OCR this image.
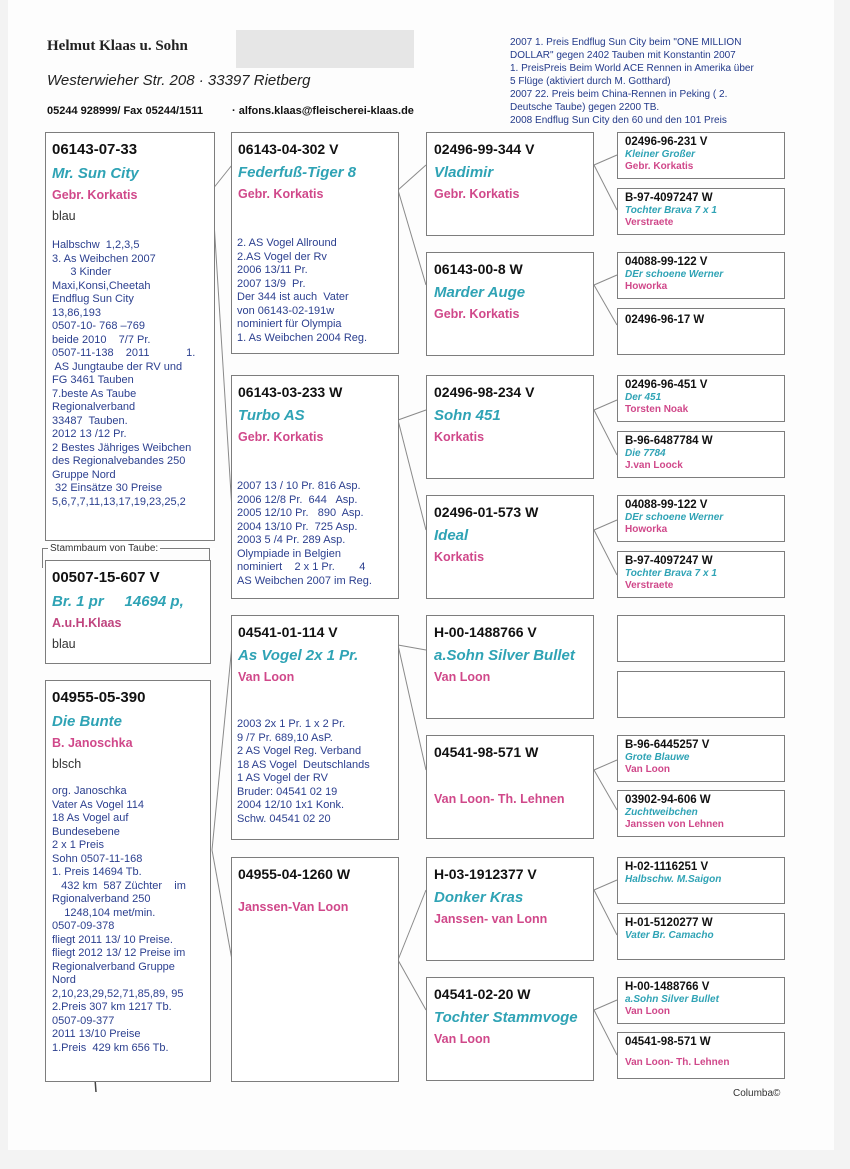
Helmut Klaas u. Sohn
Westerwieher Str. 208 · 33397 Rietberg
05244 928999/ Fax 05244/1511	· alfons.klaas@fleischerei-klaas.de
2007 1. Preis Endflug Sun City beim "ONE MILLION
DOLLAR" gegen 2402 Tauben mit Konstantin 2007
1. PreisPreis Beim World ACE Rennen in Amerika über
5 Flüge (aktiviert durch M. Gotthard)
2007 22. Preis beim China-Rennen in Peking ( 2.
Deutsche Taube) gegen 2200 TB.
2008 Endflug Sun City den 60 und den 101 Preis
06143-07-33
Mr. Sun City
Gebr. Korkatis
blau
Halbschw  1,2,3,5
3. As Weibchen 2007
3 Kinder
Maxi,Konsi,Cheetah
Endflug Sun City
13,86,193
0507-10- 768 –769
beide 2010    7/7 Pr.
0507-11-138    2011            1.
AS Jungtaube der RV und
FG 3461 Tauben
7.beste As Taube
Regionalverband
33487  Tauben.
2012 13 /12 Pr.
2 Bestes Jähriges Weibchen
des Regionalvebandes 250
Gruppe Nord
32 Einsätze 30 Preise
5,6,7,7,11,13,17,19,23,25,2
Stammbaum von Taube:
00507-15-607 V
Br. 1 pr     14694 p,
A.u.H.Klaas
blau
04955-05-390
Die Bunte
B. Janoschka
blsch
org. Janoschka
Vater As Vogel 114
18 As Vogel auf
Bundesebene
2 x 1 Preis
Sohn 0507-11-168
1. Preis 14694 Tb.
432 km  587 Züchter    im
Rgionalverband 250
1248,104 met/min.
0507-09-378
fliegt 2011 13/ 10 Preise.
fliegt 2012 13/ 12 Preise im
Regionalverband Gruppe
Nord
2,10,23,29,52,71,85,89, 95
2.Preis 307 km 1217 Tb.
0507-09-377
2011 13/10 Preise
1.Preis  429 km 656 Tb.
06143-04-302 V
Federfuß-Tiger 8
Gebr. Korkatis
2. AS Vogel Allround
2.AS Vogel der Rv
2006 13/11 Pr.
2007 13/9  Pr.
Der 344 ist auch  Vater
von 06143-02-191w
nominiert für Olympia
1. As Weibchen 2004 Reg.
06143-03-233 W
Turbo AS
Gebr. Korkatis
2007 13 / 10 Pr. 816 Asp.
2006 12/8 Pr.  644   Asp.
2005 12/10 Pr.   890  Asp.
2004 13/10 Pr.  725 Asp.
2003 5 /4 Pr. 289 Asp.
Olympiade in Belgien
nominiert    2 x 1 Pr.        4
AS Weibchen 2007 im Reg.
04541-01-114 V
As Vogel 2x 1 Pr.
Van Loon
2003 2x 1 Pr. 1 x 2 Pr.
9 /7 Pr. 689,10 AsP.
2 AS Vogel Reg. Verband
18 AS Vogel  Deutschlands
1 AS Vogel der RV
Bruder: 04541 02 19
2004 12/10 1x1 Konk.
Schw. 04541 02 20
04955-04-1260 W
Janssen-Van Loon
02496-99-344 V
Vladimir
Gebr. Korkatis
06143-00-8 W
Marder Auge
Gebr. Korkatis
02496-98-234 V
Sohn 451
Korkatis
02496-01-573 W
Ideal
Korkatis
H-00-1488766 V
a.Sohn Silver Bullet
Van Loon
04541-98-571 W
Van Loon- Th. Lehnen
H-03-1912377 V
Donker Kras
Janssen- van Lonn
04541-02-20 W
Tochter Stammvoge
Van Loon
02496-96-231 V
Kleiner Großer
Gebr. Korkatis
B-97-4097247 W
Tochter Brava 7 x 1
Verstraete
04088-99-122 V
DEr schoene Werner
Howorka
02496-96-17 W
02496-96-451 V
Der 451
Torsten Noak
B-96-6487784 W
Die 7784
J.van Loock
04088-99-122 V
DEr schoene Werner
Howorka
B-97-4097247 W
Tochter Brava 7 x 1
Verstraete
B-96-6445257 V
Grote Blauwe
Van Loon
03902-94-606 W
Zuchtweibchen
Janssen von Lehnen
H-02-1116251 V
Halbschw. M.Saigon
H-01-5120277 W
Vater Br. Camacho
H-00-1488766 V
a.Sohn Silver Bullet
Van Loon
04541-98-571 W
Van Loon- Th. Lehnen
Columba©
